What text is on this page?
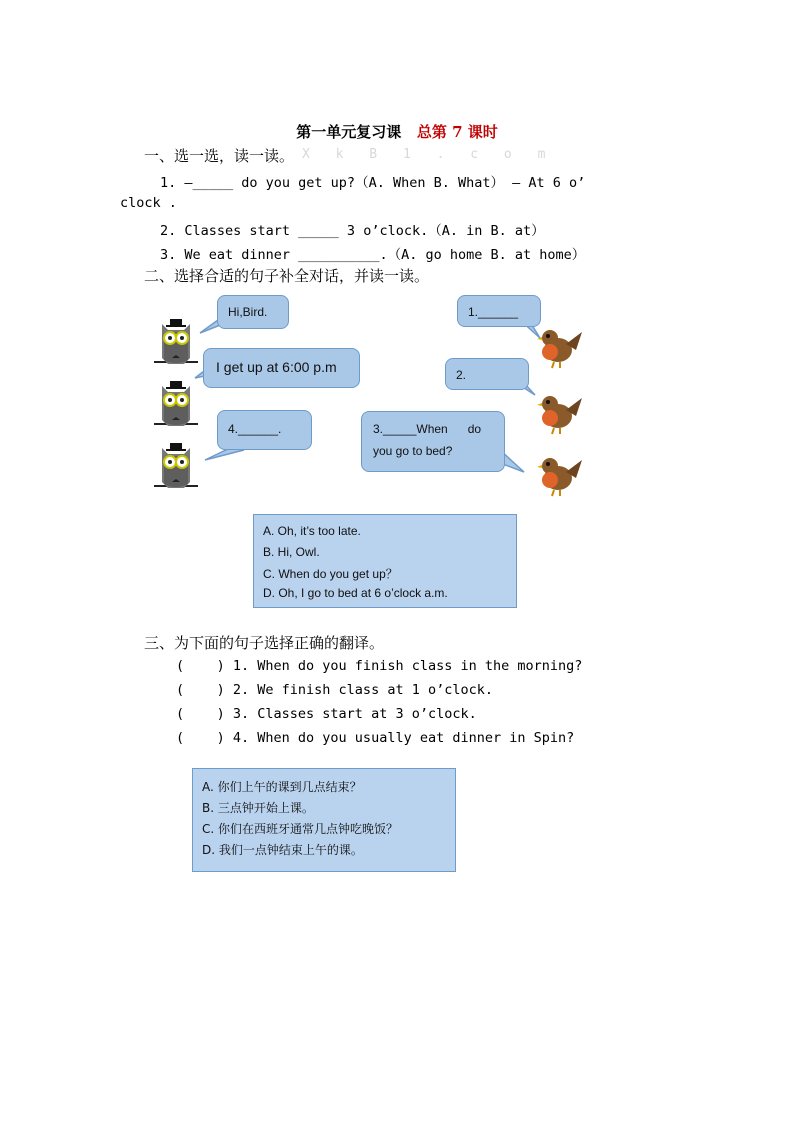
第一单元复习课 总第 7 课时
一、选一选，读一读。 X k B 1 . c o m
1. —_____ do you get up?（A. When B. What） — At 6 o’
clock .
2. Classes start _____ 3 o’clock.（A. in B. at）
3. We eat dinner __________.（A. go home B. at home）
二、选择合适的句子补全对话，并读一读。
Hi,Bird.
I get up at 6:00 p.m
4.______.
1.______
2.
3._____When      do
you go to bed?
A. Oh, it’s too late.
B. Hi, Owl.
C. When do you get up？
D. Oh, I go to bed at 6 o’clock a.m.
三、为下面的句子选择正确的翻译。
(    ) 1. When do you finish class in the morning?
(    ) 2. We finish class at 1 o’clock.
(    ) 3. Classes start at 3 o’clock.
(    ) 4. When do you usually eat dinner in Spin?
A. 你们上午的课到几点结束？
B. 三点钟开始上课。
C. 你们在西班牙通常几点钟吃晚饭？
D. 我们一点钟结束上午的课。
